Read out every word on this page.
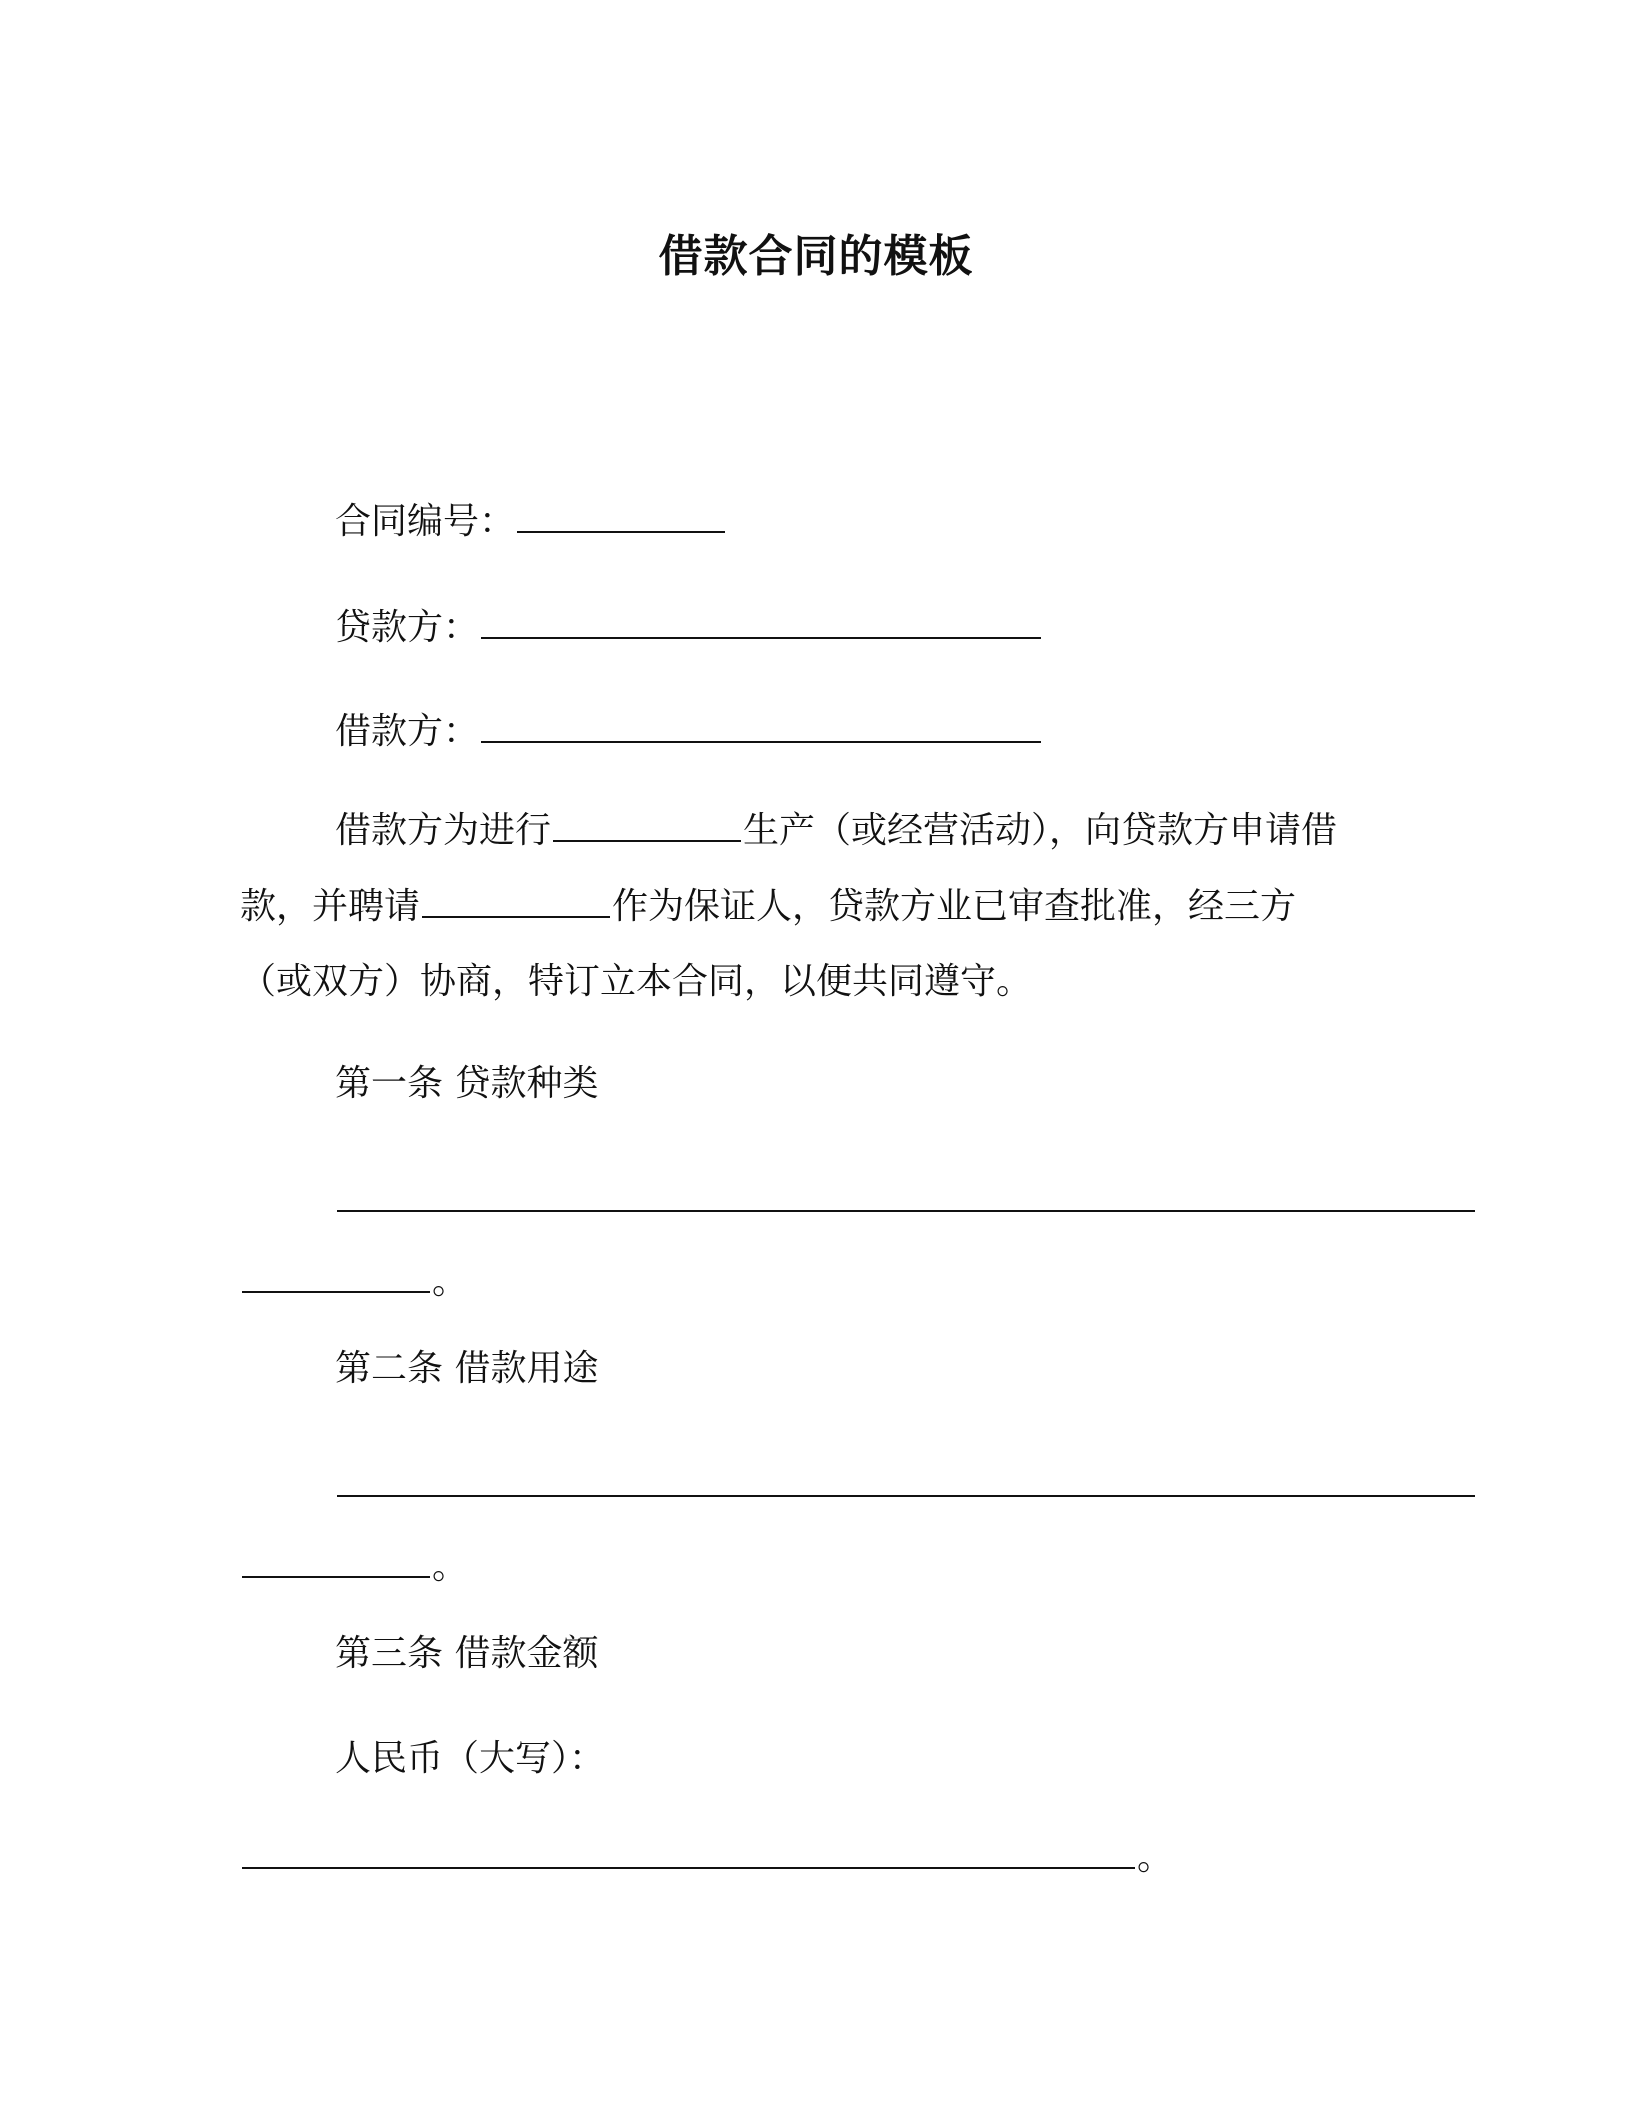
借款合同的模板
合同编号：
贷款方：
借款方：
借款方为进行	生产（或经营活动），向贷款方申请借
款，并聘请	作为保证人，贷款方业已审查批准，经三方
（或双方）协商，特订立本合同，以便共同遵守。
第一条 贷款种类
。
第二条 借款用途
。
第三条 借款金额
人民币（大写）：
。
